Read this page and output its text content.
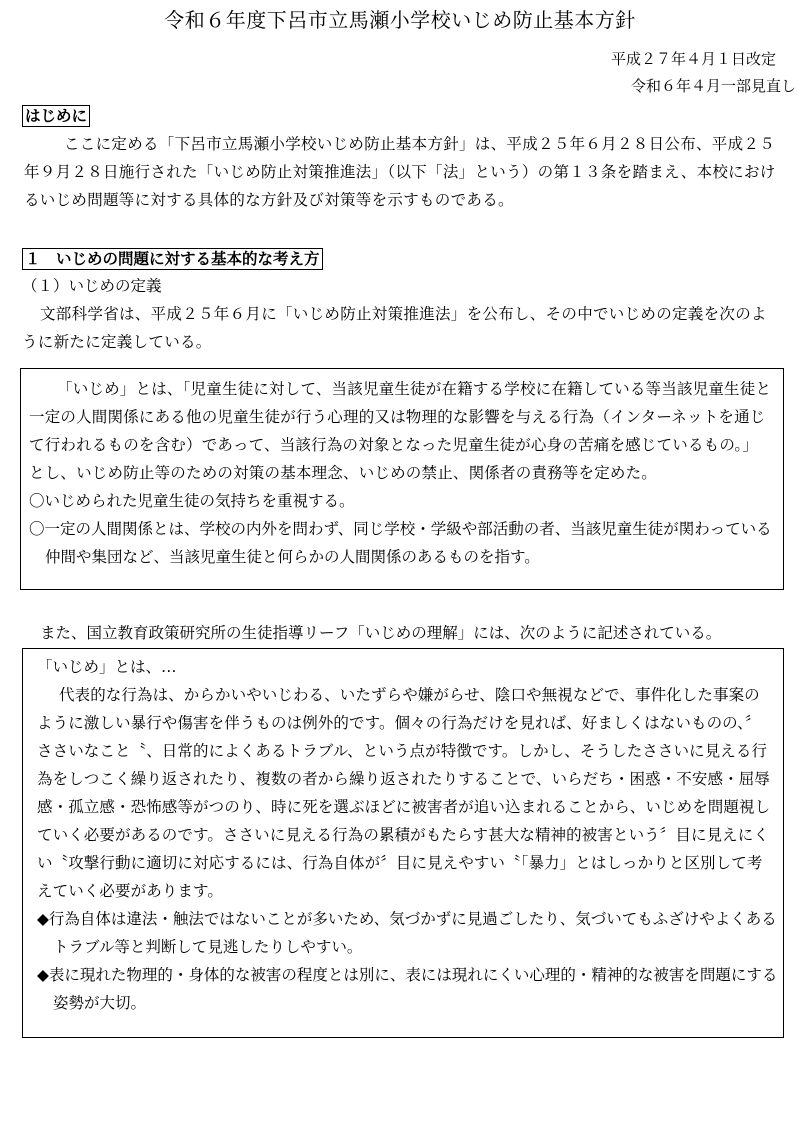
令和６年度下呂市立馬瀬小学校いじめ防止基本方針
平成２７年４月１日改定
令和６年４月一部見直し
はじめに
ここに定める「下呂市立馬瀬小学校いじめ防止基本方針」は、平成２５年６月２８日公布、平成２５年９月２８日施行された「いじめ防止対策推進法」（以下「法」という）の第１３条を踏まえ、本校におけるいじめ問題等に対する具体的な方針及び対策等を示すものである。
１　いじめの問題に対する基本的な考え方
（１）いじめの定義
文部科学省は、平成２５年６月に「いじめ防止対策推進法」を公布し、その中でいじめの定義を次のように新たに定義している。
「いじめ」とは、「児童生徒に対して、当該児童生徒が在籍する学校に在籍している等当該児童生徒と一定の人間関係にある他の児童生徒が行う心理的又は物理的な影響を与える行為（インターネットを通じて行われるものを含む）であって、当該行為の対象となった児童生徒が心身の苦痛を感じているもの。」とし、いじめ防止等のための対策の基本理念、いじめの禁止、関係者の責務等を定めた。
〇いじめられた児童生徒の気持ちを重視する。
〇一定の人間関係とは、学校の内外を問わず、同じ学校・学級や部活動の者、当該児童生徒が関わっている仲間や集団など、当該児童生徒と何らかの人間関係のあるものを指す。
また、国立教育政策研究所の生徒指導リーフ「いじめの理解」には、次のように記述されている。
「いじめ」とは、…
代表的な行為は、からかいやいじわる、いたずらや嫌がらせ、陰口や無視などで、事件化した事案のように激しい暴行や傷害を伴うものは例外的です。個々の行為だけを見れば、好ましくはないものの、〞ささいなこと〝、日常的によくあるトラブル、という点が特徴です。しかし、そうしたささいに見える行為をしつこく繰り返されたり、複数の者から繰り返されたりすることで、いらだち・困惑・不安感・屈辱感・孤立感・恐怖感等がつのり、時に死を選ぶほどに被害者が追い込まれることから、いじめを問題視していく必要があるのです。ささいに見える行為の累積がもたらす甚大な精神的被害という〞目に見えにくい〝攻撃行動に適切に対応するには、行為自体が〞目に見えやすい〝「暴力」とはしっかりと区別して考えていく必要があります。
◆行為自体は違法・触法ではないことが多いため、気づかずに見過ごしたり、気づいてもふざけやよくあるトラブル等と判断して見逃したりしやすい。
◆表に現れた物理的・身体的な被害の程度とは別に、表には現れにくい心理的・精神的な被害を問題にする姿勢が大切。
